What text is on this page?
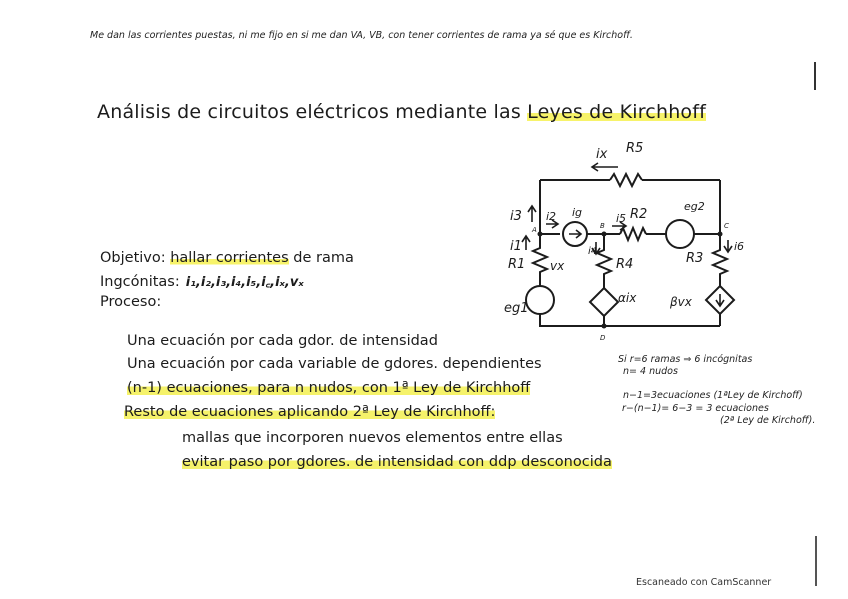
Me dan las corrientes puestas, ni me fijo en si me dan VA, VB, con tener corrientes de rama ya sé que es Kirchoff.
Análisis de circuitos eléctricos mediante las Leyes de Kirchhoff
Objetivo: hallar corrientes de rama
Ingcónitas: i₁,i₂,i₃,i₄,i₅,i꜀,iₓ,vₓ
Proceso:
Una ecuación por cada gdor. de intensidad
Una ecuación por cada variable de gdores. dependientes
(n-1) ecuaciones, para n nudos, con 1ª Ley de Kirchhoff
Resto de ecuaciones aplicando 2ª Ley de Kirchhoff:
mallas que incorporen nuevos elementos entre ellas
evitar paso por gdores. de intensidad con ddp desconocida
Si r=6 ramas ⇒ 6 incógnitas
n= 4 nudos
n−1=3ecuaciones (1ªLey de Kirchoff)
r−(n−1)= 6−3 = 3 ecuaciones
(2ª Ley de Kirchoff).
ix R5
i3 i2 ig	i5 R2
eg2
i1
R1 vx
i4
R4	R3
i6
eg1
αix	βvx
A	B	C
D
Escaneado con CamScanner
